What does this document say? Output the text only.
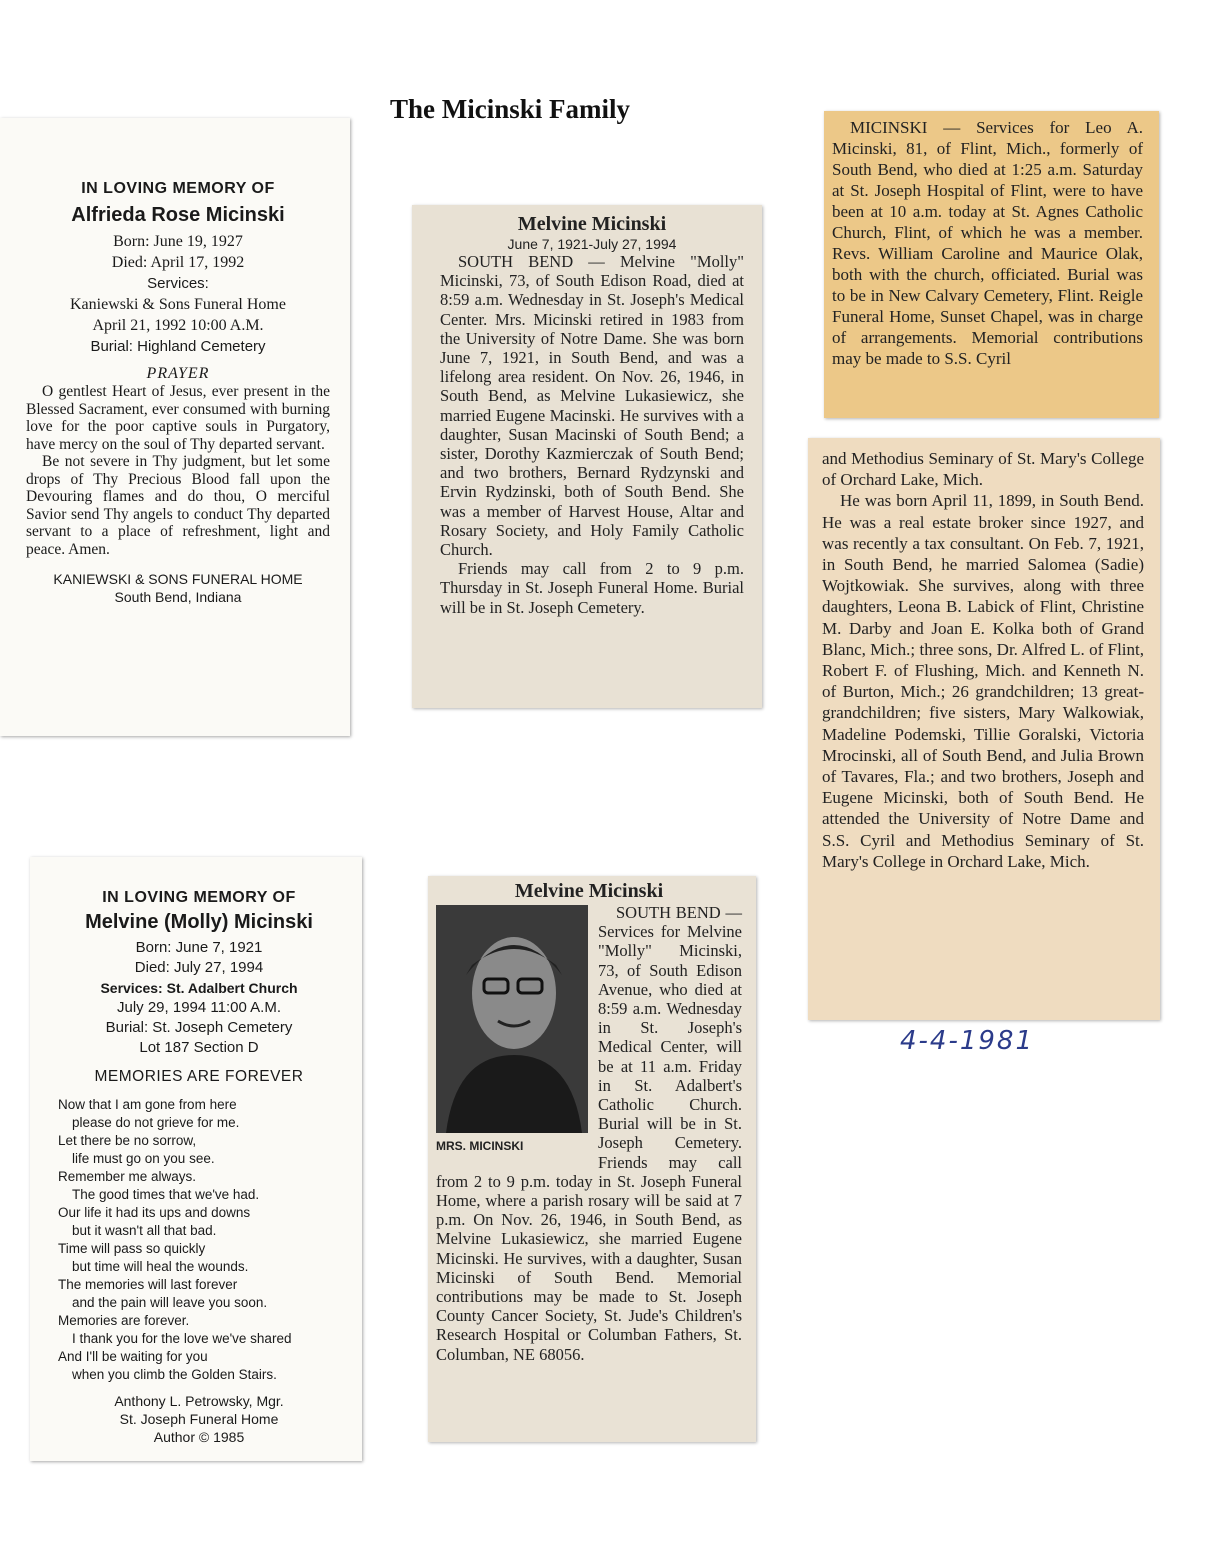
The Micinski Family
IN LOVING MEMORY OF
Alfrieda Rose Micinski
Born: June 19, 1927
Died: April 17, 1992
Services:
Kaniewski & Sons Funeral Home
April 21, 1992 10:00 A.M.
Burial: Highland Cemetery
PRAYER

O gentlest Heart of Jesus, ever present in the Blessed Sacrament, ever consumed with burning love for the poor captive souls in Purgatory, have mercy on the soul of Thy departed servant.

Be not severe in Thy judgment, but let some drops of Thy Precious Blood fall upon the Devouring flames and do thou, O merciful Savior send Thy angels to conduct Thy departed servant to a place of refreshment, light and peace. Amen.

KANIEWSKI & SONS FUNERAL HOME
South Bend, Indiana
IN LOVING MEMORY OF
Melvine (Molly) Micinski
Born: June 7, 1921
Died: July 27, 1994
Services: St. Adalbert Church
July 29, 1994 11:00 A.M.
Burial: St. Joseph Cemetery
Lot 187 Section D
MEMORIES ARE FOREVER
Now that I am gone from here
please do not grieve for me.
Let there be no sorrow,
life must go on you see.
Remember me always.
The good times that we've had.
Our life it had its ups and downs
but it wasn't all that bad.
Time will pass so quickly
but time will heal the wounds.
The memories will last forever
and the pain will leave you soon.
Memories are forever.
I thank you for the love we've shared
And I'll be waiting for you
when you climb the Golden Stairs.
Anthony L. Petrowsky, Mgr.
St. Joseph Funeral Home
Author © 1985
Melvine Micinski
June 7, 1921-July 27, 1994

SOUTH BEND — Melvine "Molly" Micinski, 73, of South Edison Road, died at 8:59 a.m. Wednesday in St. Joseph's Medical Center. Mrs. Micinski retired in 1983 from the University of Notre Dame. She was born June 7, 1921, in South Bend, and was a lifelong area resident. On Nov. 26, 1946, in South Bend, as Melvine Lukasiewicz, she married Eugene Macinski. He survives with a daughter, Susan Macinski of South Bend; a sister, Dorothy Kazmierczak of South Bend; and two brothers, Bernard Rydzynski and Ervin Rydzinski, both of South Bend. She was a member of Harvest House, Altar and Rosary Society, and Holy Family Catholic Church.

Friends may call from 2 to 9 p.m. Thursday in St. Joseph Funeral Home. Burial will be in St. Joseph Cemetery.

Melvine Micinski
MRS. MICINSKI

SOUTH BEND — Services for Melvine "Molly" Micinski, 73, of South Edison Avenue, who died at 8:59 a.m. Wednesday in St. Joseph's Medical Center, will be at 11 a.m. Friday in St. Adalbert's Catholic Church. Burial will be in St. Joseph Cemetery. Friends may call from 2 to 9 p.m. today in St. Joseph Funeral Home, where a parish rosary will be said at 7 p.m. On Nov. 26, 1946, in South Bend, as Melvine Lukasiewicz, she married Eugene Micinski. He survives, with a daughter, Susan Micinski of South Bend. Memorial contributions may be made to St. Joseph County Cancer Society, St. Jude's Children's Research Hospital or Columban Fathers, St. Columban, NE 68056.

MICINSKI — Services for Leo A. Micinski, 81, of Flint, Mich., formerly of South Bend, who died at 1:25 a.m. Saturday at St. Joseph Hospital of Flint, were to have been at 10 a.m. today at St. Agnes Catholic Church, Flint, of which he was a member. Revs. William Caroline and Maurice Olak, both with the church, officiated. Burial was to be in New Calvary Cemetery, Flint. Reigle Funeral Home, Sunset Chapel, was in charge of arrangements. Memorial contributions may be made to S.S. Cyril

and Methodius Seminary of St. Mary's College of Orchard Lake, Mich.

He was born April 11, 1899, in South Bend. He was a real estate broker since 1927, and was recently a tax consultant. On Feb. 7, 1921, in South Bend, he married Salomea (Sadie) Wojtkowiak. She survives, along with three daughters, Leona B. Labick of Flint, Christine M. Darby and Joan E. Kolka both of Grand Blanc, Mich.; three sons, Dr. Alfred L. of Flint, Robert F. of Flushing, Mich. and Kenneth N. of Burton, Mich.; 26 grandchildren; 13 great-grandchildren; five sisters, Mary Walkowiak, Madeline Podemski, Tillie Goralski, Victoria Mrocinski, all of South Bend, and Julia Brown of Tavares, Fla.; and two brothers, Joseph and Eugene Micinski, both of South Bend. He attended the University of Notre Dame and S.S. Cyril and Methodius Seminary of St. Mary's College in Orchard Lake, Mich.

4-4-1981
